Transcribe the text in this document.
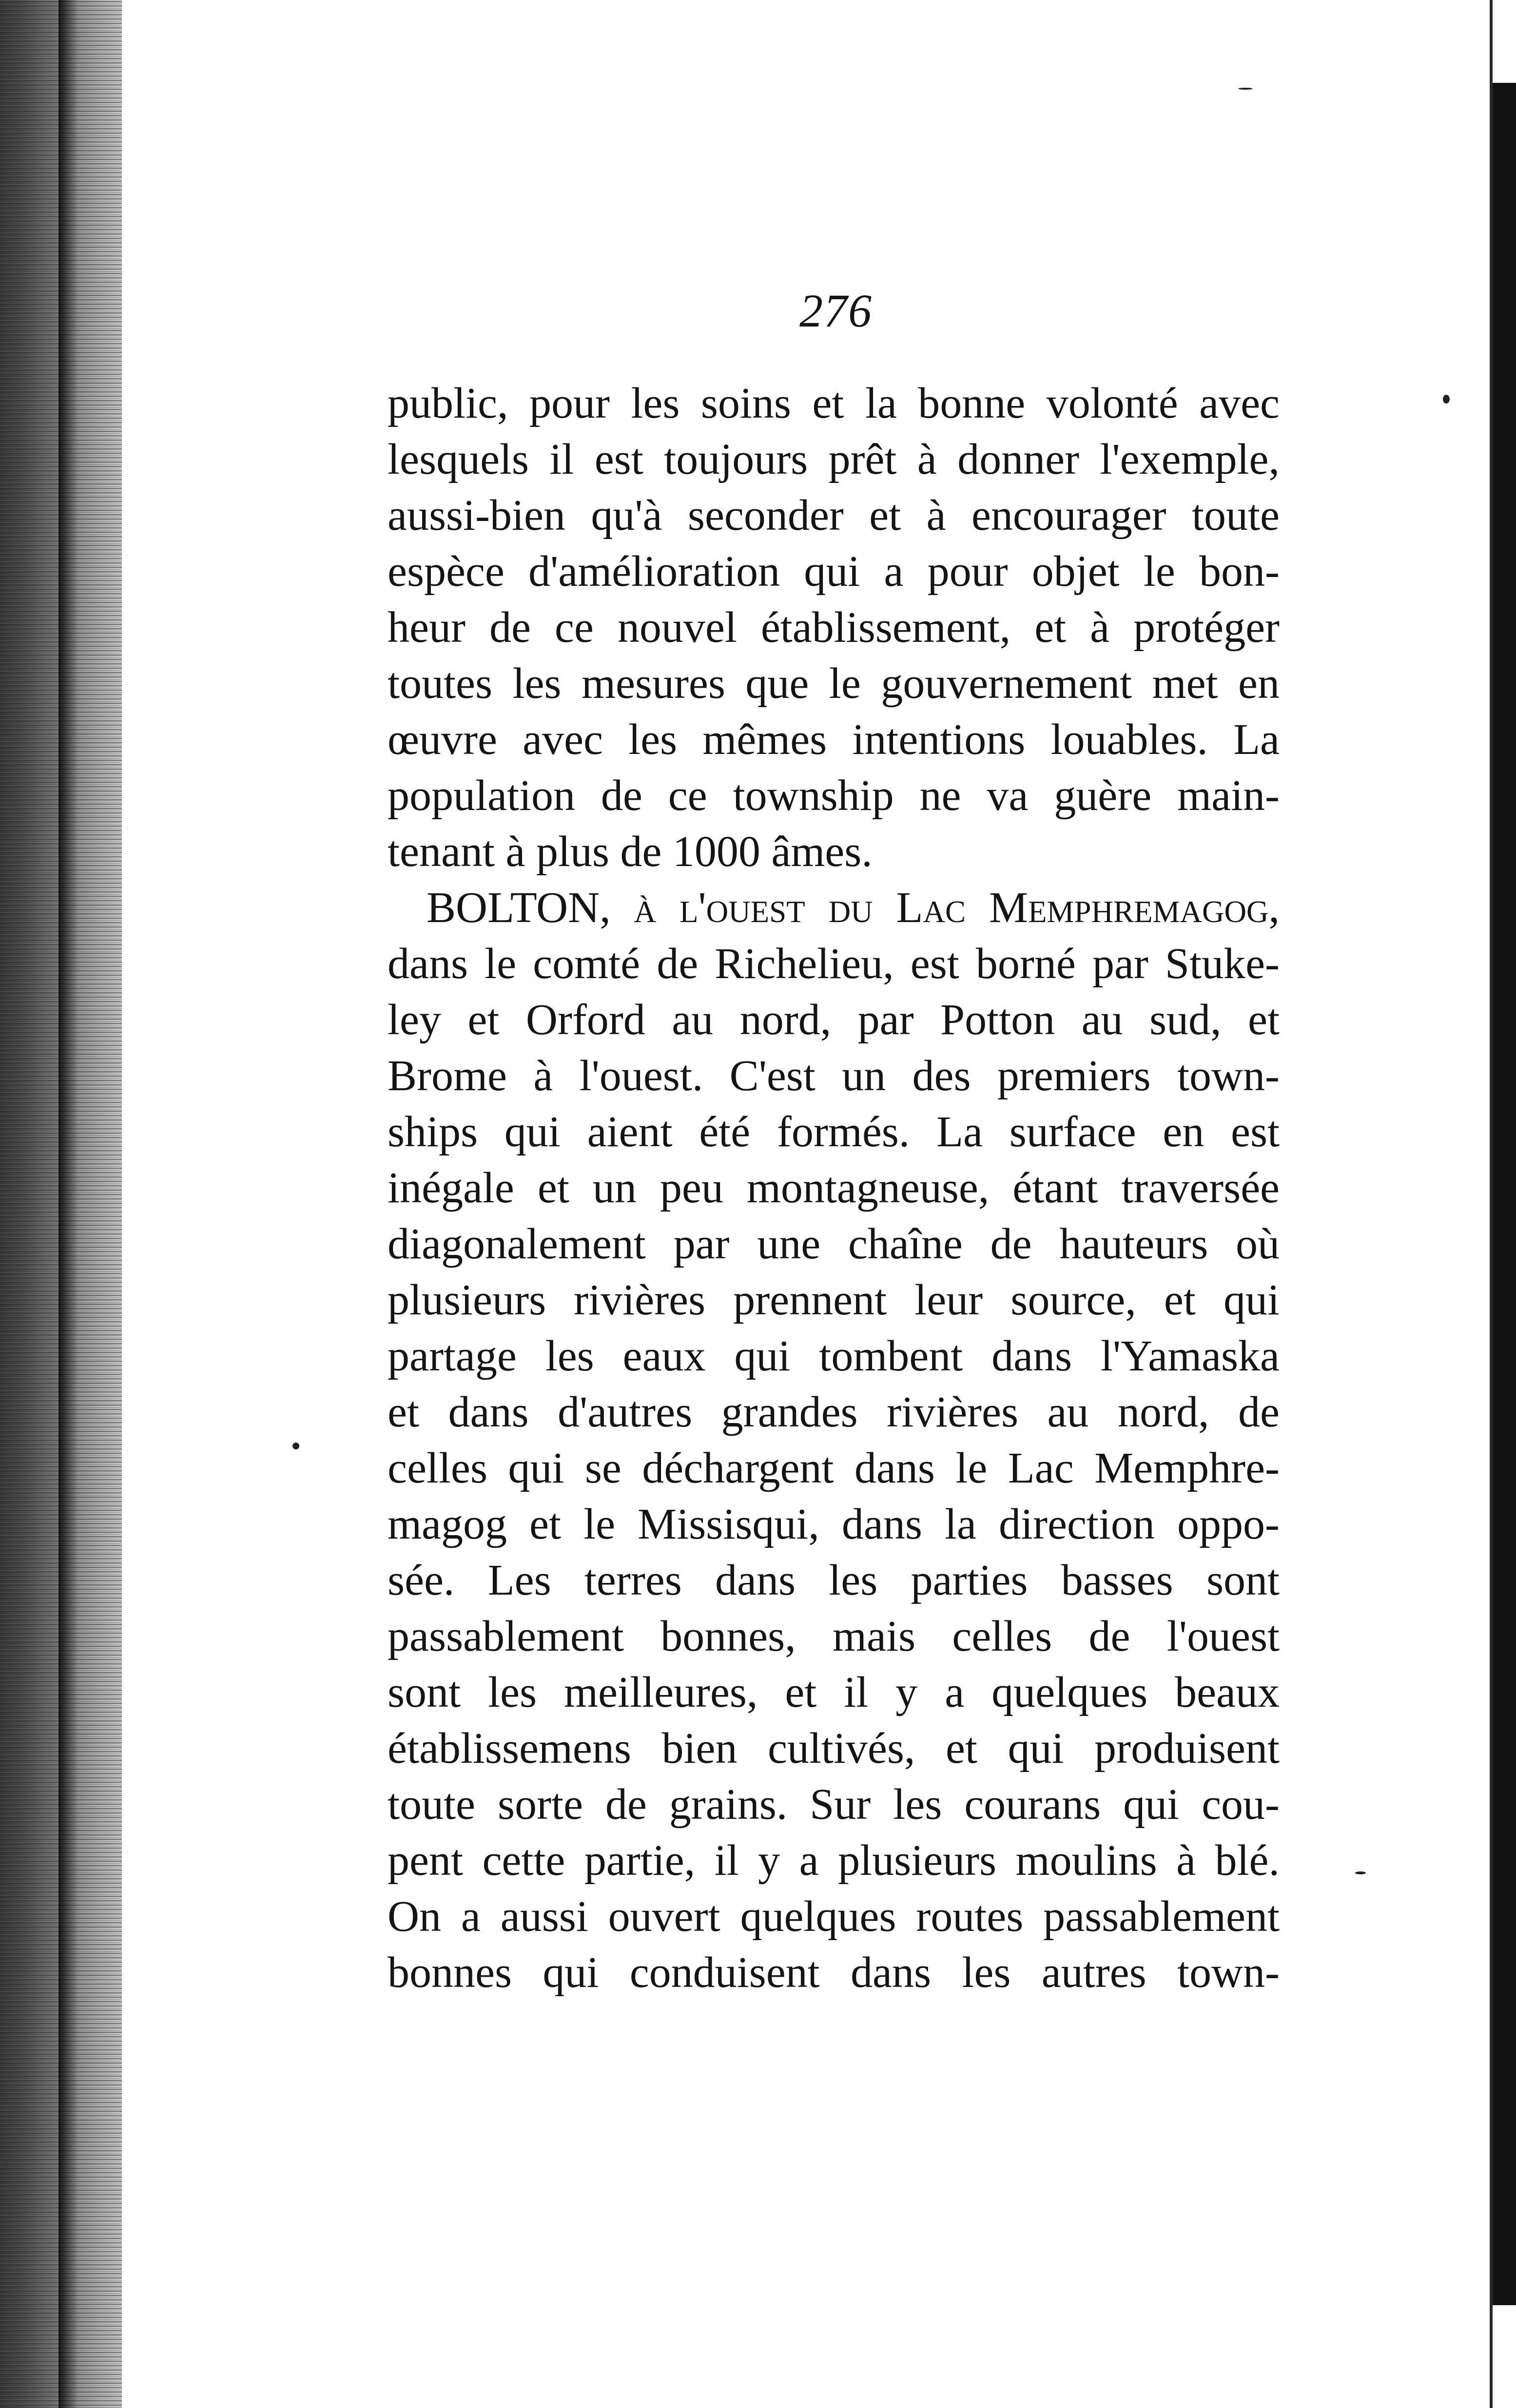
276
public, pour les soins et la bonne volonté avec
lesquels il est toujours prêt à donner l'exemple,
aussi-bien qu'à seconder et à encourager toute
espèce d'amélioration qui a pour objet le bon-
heur de ce nouvel établissement, et à protéger
toutes les mesures que le gouvernement met en
œuvre avec les mêmes intentions louables. La
population de ce township ne va guère main-
tenant à plus de 1000 âmes.
BOLTON, à l'ouest du Lac Memphremagog,
dans le comté de Richelieu, est borné par Stuke-
ley et Orford au nord, par Potton au sud, et
Brome à l'ouest. C'est un des premiers town-
ships qui aient été formés. La surface en est
inégale et un peu montagneuse, étant traversée
diagonalement par une chaîne de hauteurs où
plusieurs rivières prennent leur source, et qui
partage les eaux qui tombent dans l'Yamaska
et dans d'autres grandes rivières au nord, de
celles qui se déchargent dans le Lac Memphre-
magog et le Missisqui, dans la direction oppo-
sée. Les terres dans les parties basses sont
passablement bonnes, mais celles de l'ouest
sont les meilleures, et il y a quelques beaux
établissemens bien cultivés, et qui produisent
toute sorte de grains. Sur les courans qui cou-
pent cette partie, il y a plusieurs moulins à blé.
On a aussi ouvert quelques routes passablement
bonnes qui conduisent dans les autres town-
